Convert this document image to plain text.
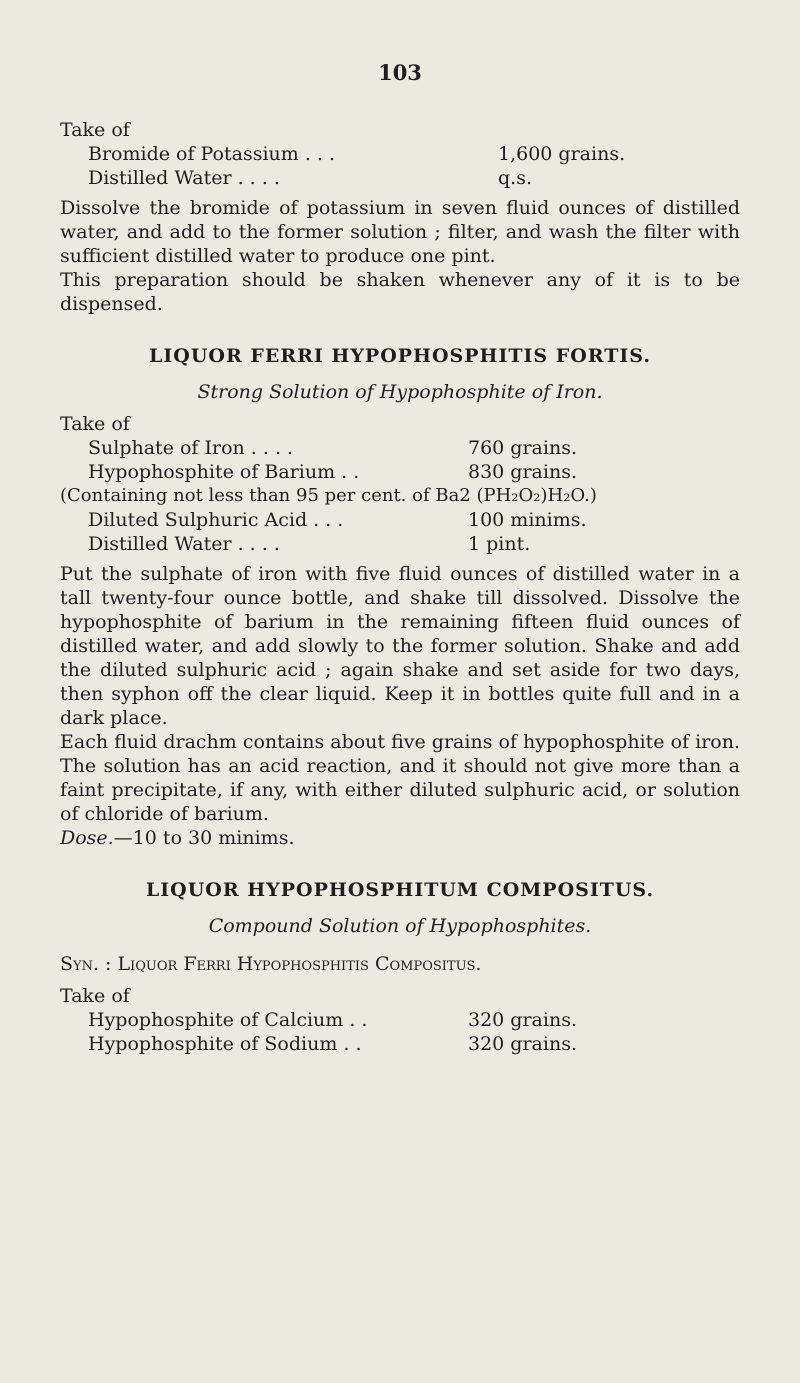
103

Take of

Bromide of Potassium . . .	1,600 grains.
Distilled Water . . . .	q.s.

Dissolve the bromide of potassium in seven fluid ounces of distilled water, and add to the former solution ; filter, and wash the filter with sufficient distilled water to produce one pint.

This preparation should be shaken whenever any of it is to be dispensed.

LIQUOR FERRI HYPOPHOSPHITIS FORTIS.
Strong Solution of Hypophosphite of Iron.

Take of

Sulphate of Iron . . . .	760 grains.
Hypophosphite of Barium . .	830 grains.

(Containing not less than 95 per cent. of Ba2 (PH₂O₂)H₂O.)

Diluted Sulphuric Acid . . .	100 minims.
Distilled Water . . . .	1 pint.

Put the sulphate of iron with five fluid ounces of distilled water in a tall twenty-four ounce bottle, and shake till dissolved. Dissolve the hypophosphite of barium in the remaining fifteen fluid ounces of distilled water, and add slowly to the former solution. Shake and add the diluted sulphuric acid ; again shake and set aside for two days, then syphon off the clear liquid. Keep it in bottles quite full and in a dark place.

Each fluid drachm contains about five grains of hypophosphite of iron. The solution has an acid reaction, and it should not give more than a faint precipitate, if any, with either diluted sulphuric acid, or solution of chloride of barium.

Dose.—10 to 30 minims.

LIQUOR HYPOPHOSPHITUM COMPOSITUS.
Compound Solution of Hypophosphites.

Syn. : Liquor Ferri Hypophosphitis Compositus.

Take of

Hypophosphite of Calcium . .	320 grains.
Hypophosphite of Sodium . .	320 grains.
